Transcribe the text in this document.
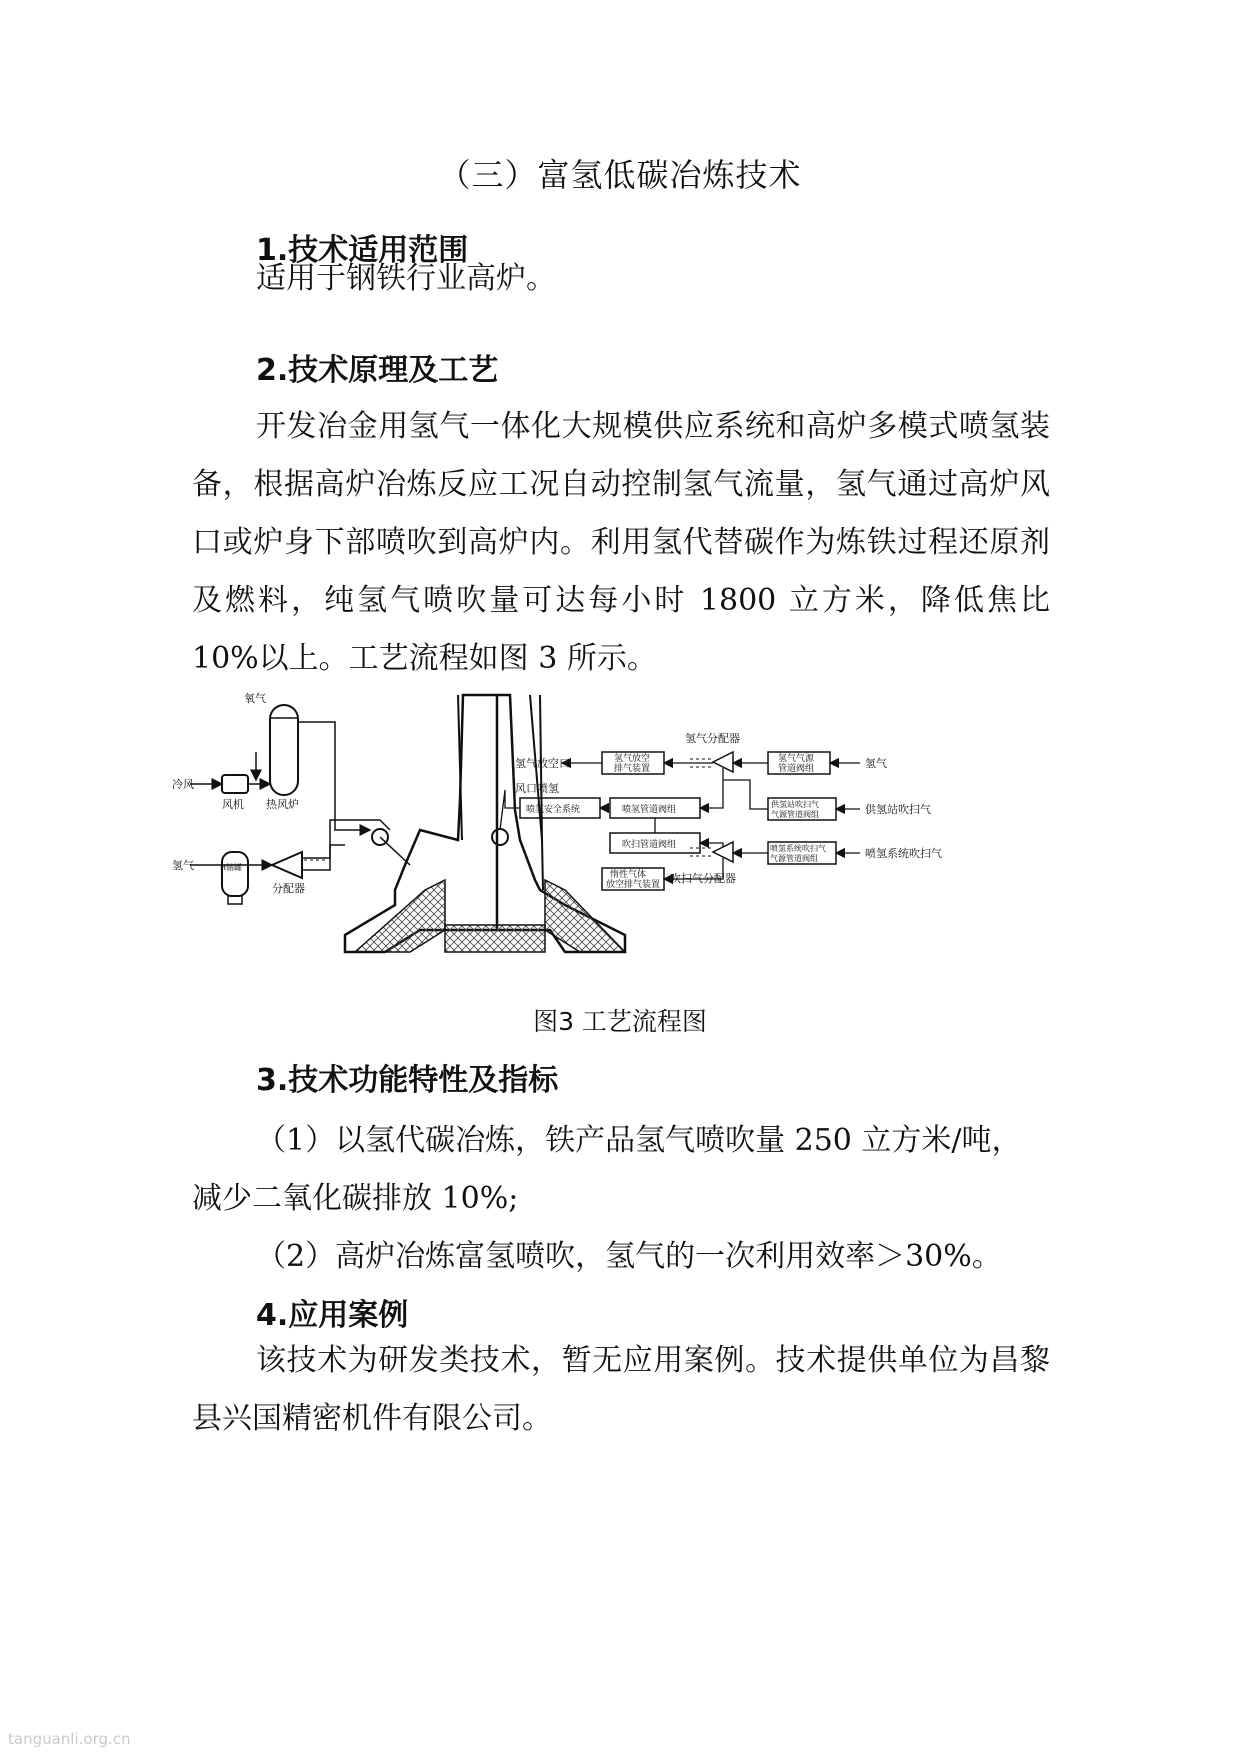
（三）富氢低碳冶炼技术
1.技术适用范围

适用于钢铁行业高炉。

2.技术原理及工艺

开发冶金用氢气一体化大规模供应系统和高炉多模式喷氢装备，根据高炉冶炼反应工况自动控制氢气流量，氢气通过高炉风口或炉身下部喷吹到高炉内。利用氢代替碳作为炼铁过程还原剂及燃料，纯氢气喷吹量可达每小时 1800 立方米，降低焦比 10%以上。工艺流程如图 3 所示。

氧气
冷风
风机 热风炉
H储罐
氢气
分配器
风口喷氢
氢气放空口	氢气放空
排气装置
氢气分配器
氢气气源
管道阀组	氢气
喷氢安全系统	喷氢管道阀组
吹扫管道阀组
供氢站吹扫气
气源管道阀组	供氢站吹扫气
喷氢系统吹扫气
气源管道阀组	喷氢系统吹扫气
惰性气体
放空排气装置 吹扫气分配器
图3 工艺流程图
3.技术功能特性及指标
（1）以氢代碳冶炼，铁产品氢气喷吹量 250 立方米/吨，
减少二氧化碳排放 10%;
（2）高炉冶炼富氢喷吹，氢气的一次利用效率＞30%。
4.应用案例

该技术为研发类技术，暂无应用案例。技术提供单位为昌黎县兴国精密机件有限公司。

tanguanli.org.cn
